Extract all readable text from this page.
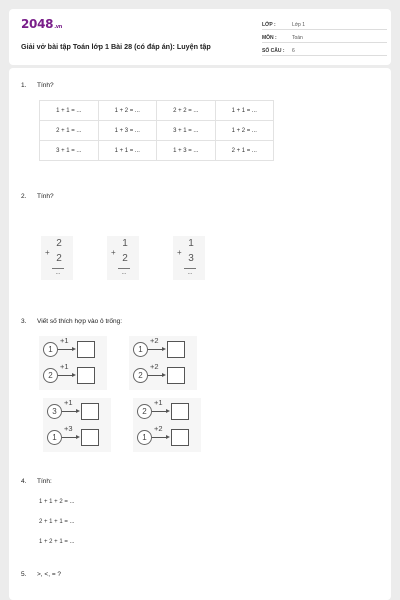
2048.vn
Giải vở bài tập Toán lớp 1 Bài 28 (có đáp án): Luyện tập
LỚP :	Lớp 1
MÔN :	Toán
SỐ CÂU : 6
1. Tính?
1 + 1 = ...	1 + 2 = ...	2 + 2 = ...	1 + 1 = ...
2 + 1 = ...	1 + 3 = ...	3 + 1 = ...	1 + 2 = ...
3 + 1 = ...	1 + 1 = ...	1 + 3 = ...	2 + 1 = ...
2. Tính?
+
2
2
...
+
1
2
...
+
1
3
...
3. Viết số thích hợp vào ô trống:
1
+1
2
+1
1
+2
2
+2
3
+1
1
+3
2
+1
1
+2
4. Tính:
1 + 1 + 2 = ...
2 + 1 + 1 = ...
1 + 2 + 1 = ...
5. >, <, = ?
